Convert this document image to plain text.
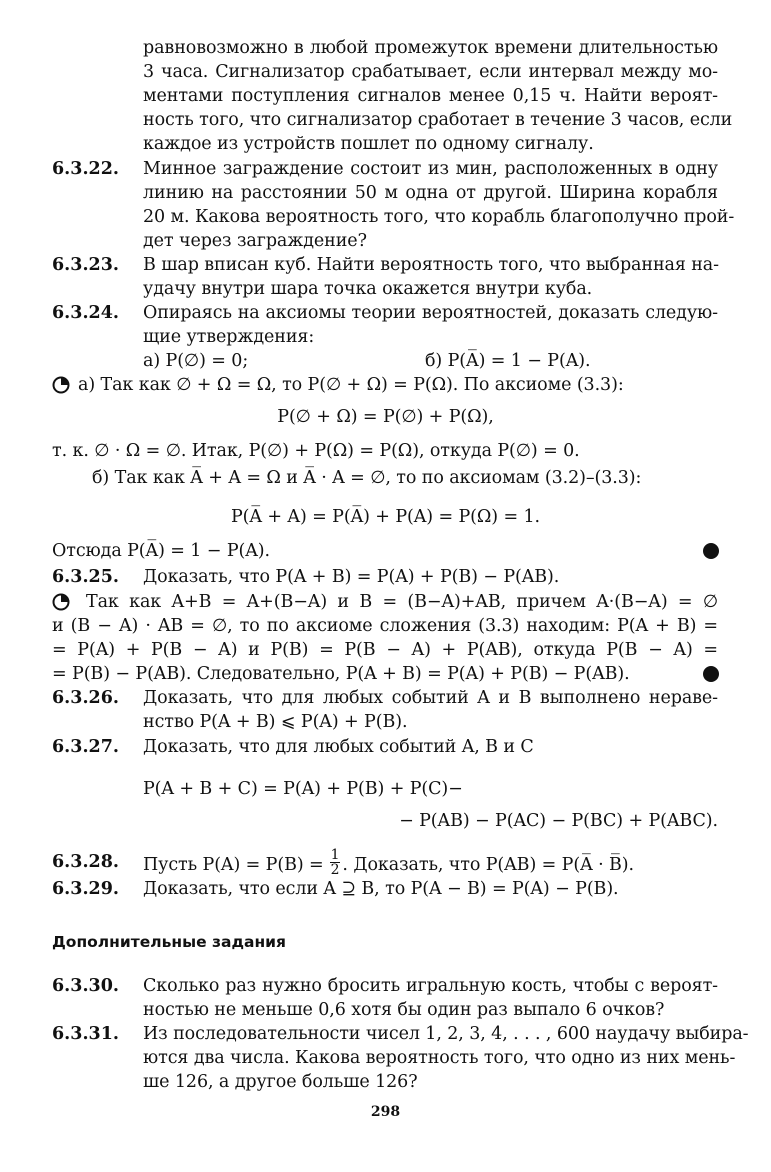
равновозможно в любой промежуток времени длительностью
3 часа. Сигнализатор срабатывает, если интервал между мо-
ментами поступления сигналов менее 0,15 ч. Найти вероят-
ность того, что сигнализатор сработает в течение 3 часов, если
каждое из устройств пошлет по одному сигналу.
6.3.22. Минное заграждение состоит из мин, расположенных в одну
линию на расстоянии 50 м одна от другой. Ширина корабля
20 м. Какова вероятность того, что корабль благополучно прой-
дет через заграждение?
6.3.23. В шар вписан куб. Найти вероятность того, что выбранная на-
удачу внутри шара точка окажется внутри куба.
6.3.24. Опираясь на аксиомы теории вероятностей, доказать следую-
щие утверждения:
а) P(∅) = 0;	б) P(A̅) = 1 − P(A).
а) Так как ∅ + Ω = Ω, то P(∅ + Ω) = P(Ω). По аксиоме (3.3):
P(∅ + Ω) = P(∅) + P(Ω),
т. к. ∅ · Ω = ∅. Итак, P(∅) + P(Ω) = P(Ω), откуда P(∅) = 0.
б) Так как A̅ + A = Ω и A̅ · A = ∅, то по аксиомам (3.2)–(3.3):
P(A̅ + A) = P(A̅) + P(A) = P(Ω) = 1.
Отсюда P(A̅) = 1 − P(A).
6.3.25. Доказать, что P(A + B) = P(A) + P(B) − P(AB).
Так как A+B = A+(B−A) и B = (B−A)+AB, причем A·(B−A) = ∅
и (B − A) · AB = ∅, то по аксиоме сложения (3.3) находим: P(A + B) =
= P(A) + P(B − A) и P(B) = P(B − A) + P(AB), откуда P(B − A) =
= P(B) − P(AB). Следовательно, P(A + B) = P(A) + P(B) − P(AB).
6.3.26. Доказать, что для любых событий A и B выполнено нераве-
нство P(A + B) ⩽ P(A) + P(B).
6.3.27. Доказать, что для любых событий A, B и C
P(A + B + C) = P(A) + P(B) + P(C)−
− P(AB) − P(AC) − P(BC) + P(ABC).
6.3.28. Пусть $P(A) = P(B) = \frac{1}{2}$ . Доказать, что P(AB) = P(A̅ · B̅).
6.3.29. Доказать, что если A ⊇ B, то P(A − B) = P(A) − P(B).
Дополнительные задания
6.3.30. Сколько раз нужно бросить игральную кость, чтобы с вероят-
ностью не меньше 0,6 хотя бы один раз выпало 6 очков?
6.3.31. Из последовательности чисел 1, 2, 3, 4, . . . , 600 наудачу выбира-
ются два числа. Какова вероятность того, что одно из них мень-
ше 126, а другое больше 126?
298
